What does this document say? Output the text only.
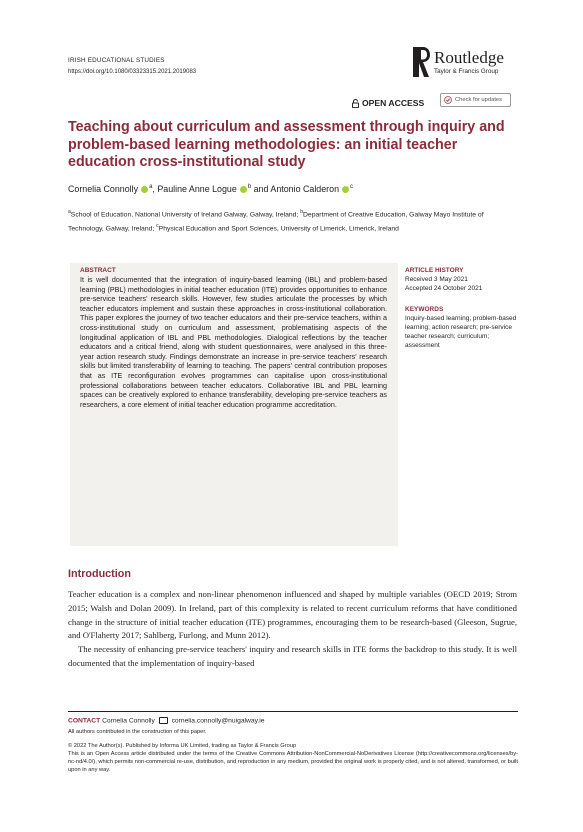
IRISH EDUCATIONAL STUDIES
https://doi.org/10.1080/03323315.2021.2019083
Routledge
Taylor & Francis Group
OPEN ACCESS	Check for updates
Teaching about curriculum and assessment through inquiry and problem-based learning methodologies: an initial teacher education cross-institutional study
Cornelia Connolly $^a$, Pauline Anne Logue $^b$ and Antonio Calderon $^c$
$^a$School of Education, National University of Ireland Galway, Galway, Ireland; $^b$Department of Creative Education, Galway Mayo Institute of Technology, Galway, Ireland; $^c$Physical Education and Sport Sciences, University of Limerick, Limerick, Ireland
ABSTRACT
It is well documented that the integration of inquiry-based learning (IBL) and problem-based learning (PBL) methodologies in initial teacher education (ITE) provides opportunities to enhance pre-service teachers' research skills. However, few studies articulate the processes by which teacher educators implement and sustain these approaches in cross-institutional collaboration. This paper explores the journey of two teacher educators and their pre-service teachers, within a cross-institutional study on curriculum and assessment, problematising aspects of the longitudinal application of IBL and PBL methodologies. Dialogical reflections by the teacher educators and a critical friend, along with student questionnaires, were analysed in this three-year action research study. Findings demonstrate an increase in pre-service teachers' research skills but limited transferability of learning to teaching. The papers' central contribution proposes that as ITE reconfiguration evolves programmes can capitalise upon cross-institutional professional collaborations between teacher educators. Collaborative IBL and PBL learning spaces can be creatively explored to enhance transferability, developing pre-service teachers as researchers, a core element of initial teacher education programme accreditation.
ARTICLE HISTORY
Received 3 May 2021
Accepted 24 October 2021
KEYWORDS
Inquiry-based learning; problem-based learning; action research; pre-service teacher research; curriculum; assessment
Introduction

Teacher education is a complex and non-linear phenomenon influenced and shaped by multiple variables (OECD 2019; Strom 2015; Walsh and Dolan 2009). In Ireland, part of this complexity is related to recent curriculum reforms that have conditioned change in the structure of initial teacher education (ITE) programmes, encouraging them to be research-based (Gleeson, Sugrue, and O'Flaherty 2017; Sahlberg, Furlong, and Munn 2012).

The necessity of enhancing pre-service teachers' inquiry and research skills in ITE forms the backdrop to this study. It is well documented that the implementation of inquiry-based

CONTACT Cornelia Connolly cornelia.connolly@nuigalway.ie
All authors contributed in the construction of this paper.
© 2022 The Author(s). Published by Informa UK Limited, trading as Taylor & Francis Group
This is an Open Access article distributed under the terms of the Creative Commons Attribution-NonCommercial-NoDerivatives License (http://creativecommons.org/licenses/by-nc-nd/4.0/), which permits non-commercial re-use, distribution, and reproduction in any medium, provided the original work is properly cited, and is not altered, transformed, or built upon in any way.
